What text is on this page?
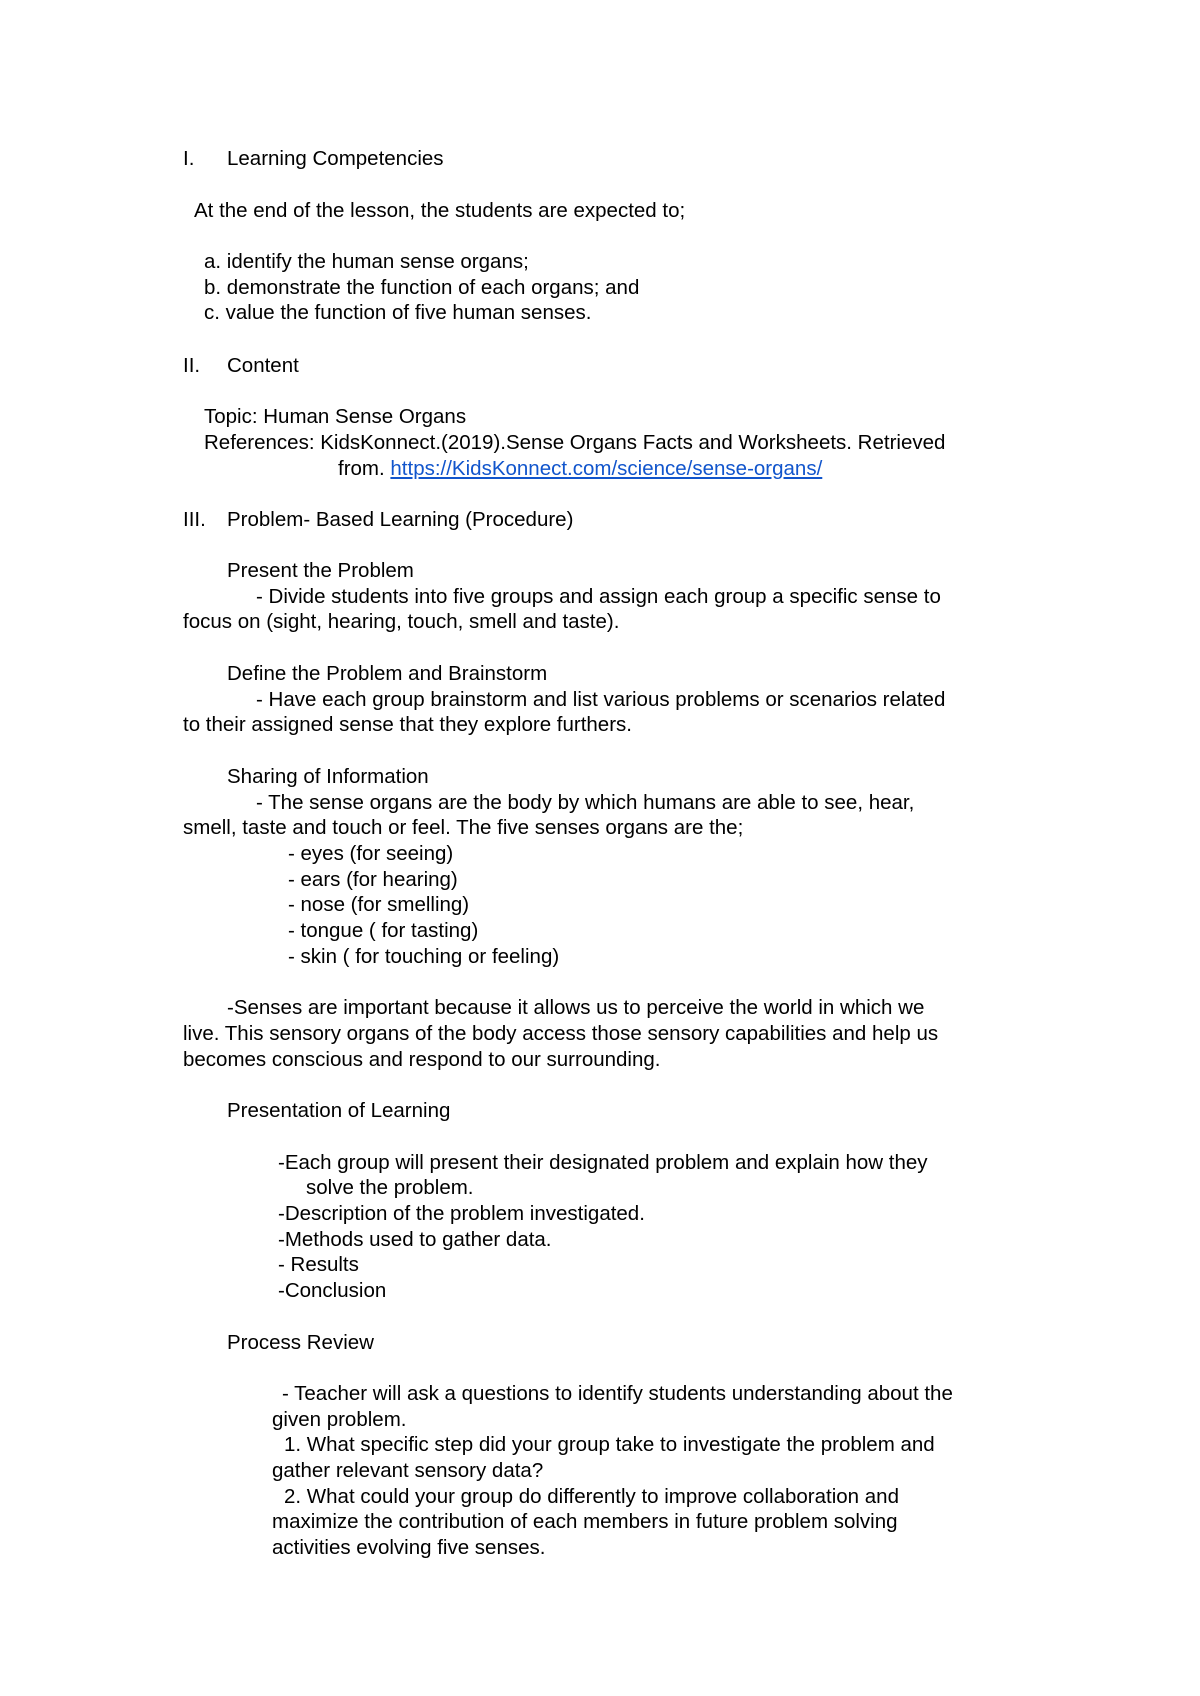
I. Learning Competencies
At the end of the lesson, the students are expected to;
a. identify the human sense organs;
b. demonstrate the function of each organs; and
c. value the function of five human senses.
II. Content
Topic: Human Sense Organs
References: KidsKonnect.(2019).Sense Organs Facts and Worksheets. Retrieved
from. https://KidsKonnect.com/science/sense-organs/
III. Problem- Based Learning (Procedure)
Present the Problem
- Divide students into five groups and assign each group a specific sense to
focus on (sight, hearing, touch, smell and taste).
Define the Problem and Brainstorm
- Have each group brainstorm and list various problems or scenarios related
to their assigned sense that they explore furthers.
Sharing of Information
- The sense organs are the body by which humans are able to see, hear,
smell, taste and touch or feel. The five senses organs are the;
- eyes (for seeing)
- ears (for hearing)
- nose (for smelling)
- tongue ( for tasting)
- skin ( for touching or feeling)
-Senses are important because it allows us to perceive the world in which we
live. This sensory organs of the body access those sensory capabilities and help us
becomes conscious and respond to our surrounding.
Presentation of Learning
-Each group will present their designated problem and explain how they
solve the problem.
-Description of the problem investigated.
-Methods used to gather data.
- Results
-Conclusion
Process Review
- Teacher will ask a questions to identify students understanding about the
given problem.
1. What specific step did your group take to investigate the problem and
gather relevant sensory data?
2. What could your group do differently to improve collaboration and
maximize the contribution of each members in future problem solving
activities evolving five senses.
